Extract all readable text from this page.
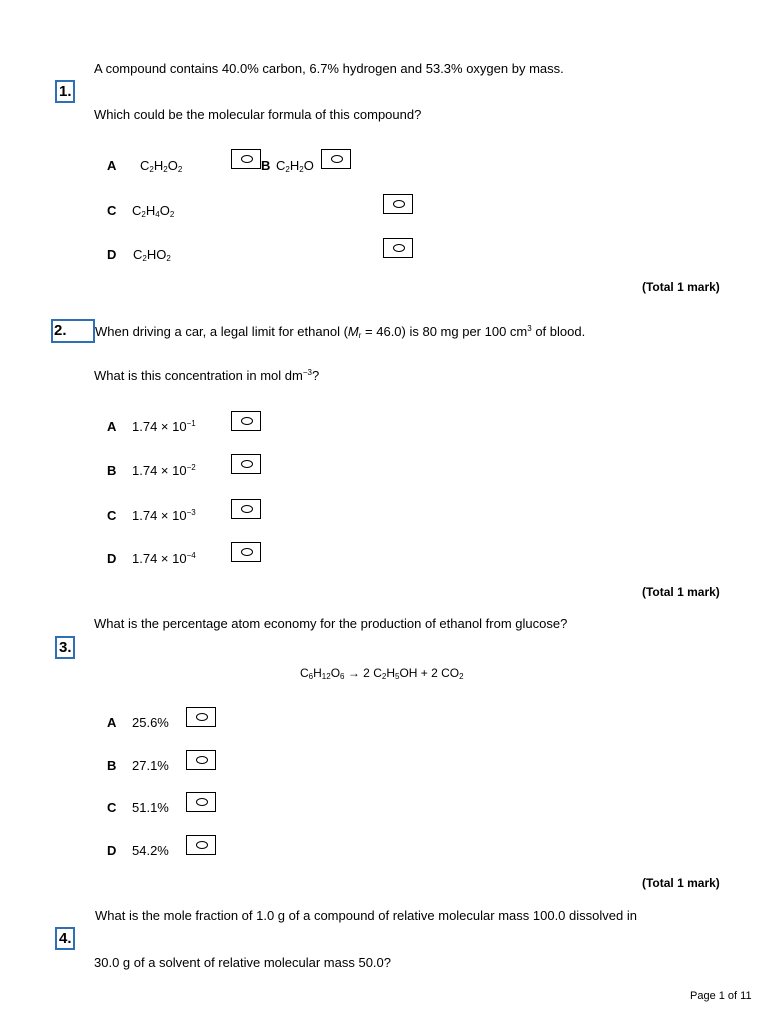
A compound contains 40.0% carbon, 6.7% hydrogen and 53.3% oxygen by mass.
1.
Which could be the molecular formula of this compound?
A $C_2H_2O_2$	B $C_2H_2O$
C $C_2H_4O_2$
D $C_2HO_2$
(Total 1 mark)
2.	When driving a car, a legal limit for ethanol $(M_r = 46.0)$ is 80 mg per 100 $cm^3$ of blood.
What is this concentration in mol $dm^{-3}$?
A $1.74 \times 10^{-1}$
B $1.74 \times 10^{-2}$
C $1.74 \times 10^{-3}$
D $1.74 \times 10^{-4}$
(Total 1 mark)
What is the percentage atom economy for the production of ethanol from glucose?
3.
$C_6H_{12}O_6 \to 2$ $C_2H_5OH + 2$ $CO_2$
A 25.6%
B 27.1%
C 51.1%
D 54.2%
(Total 1 mark)
What is the mole fraction of 1.0 g of a compound of relative molecular mass 100.0 dissolved in
4.
30.0 g of a solvent of relative molecular mass 50.0?
Page 1 of 11
